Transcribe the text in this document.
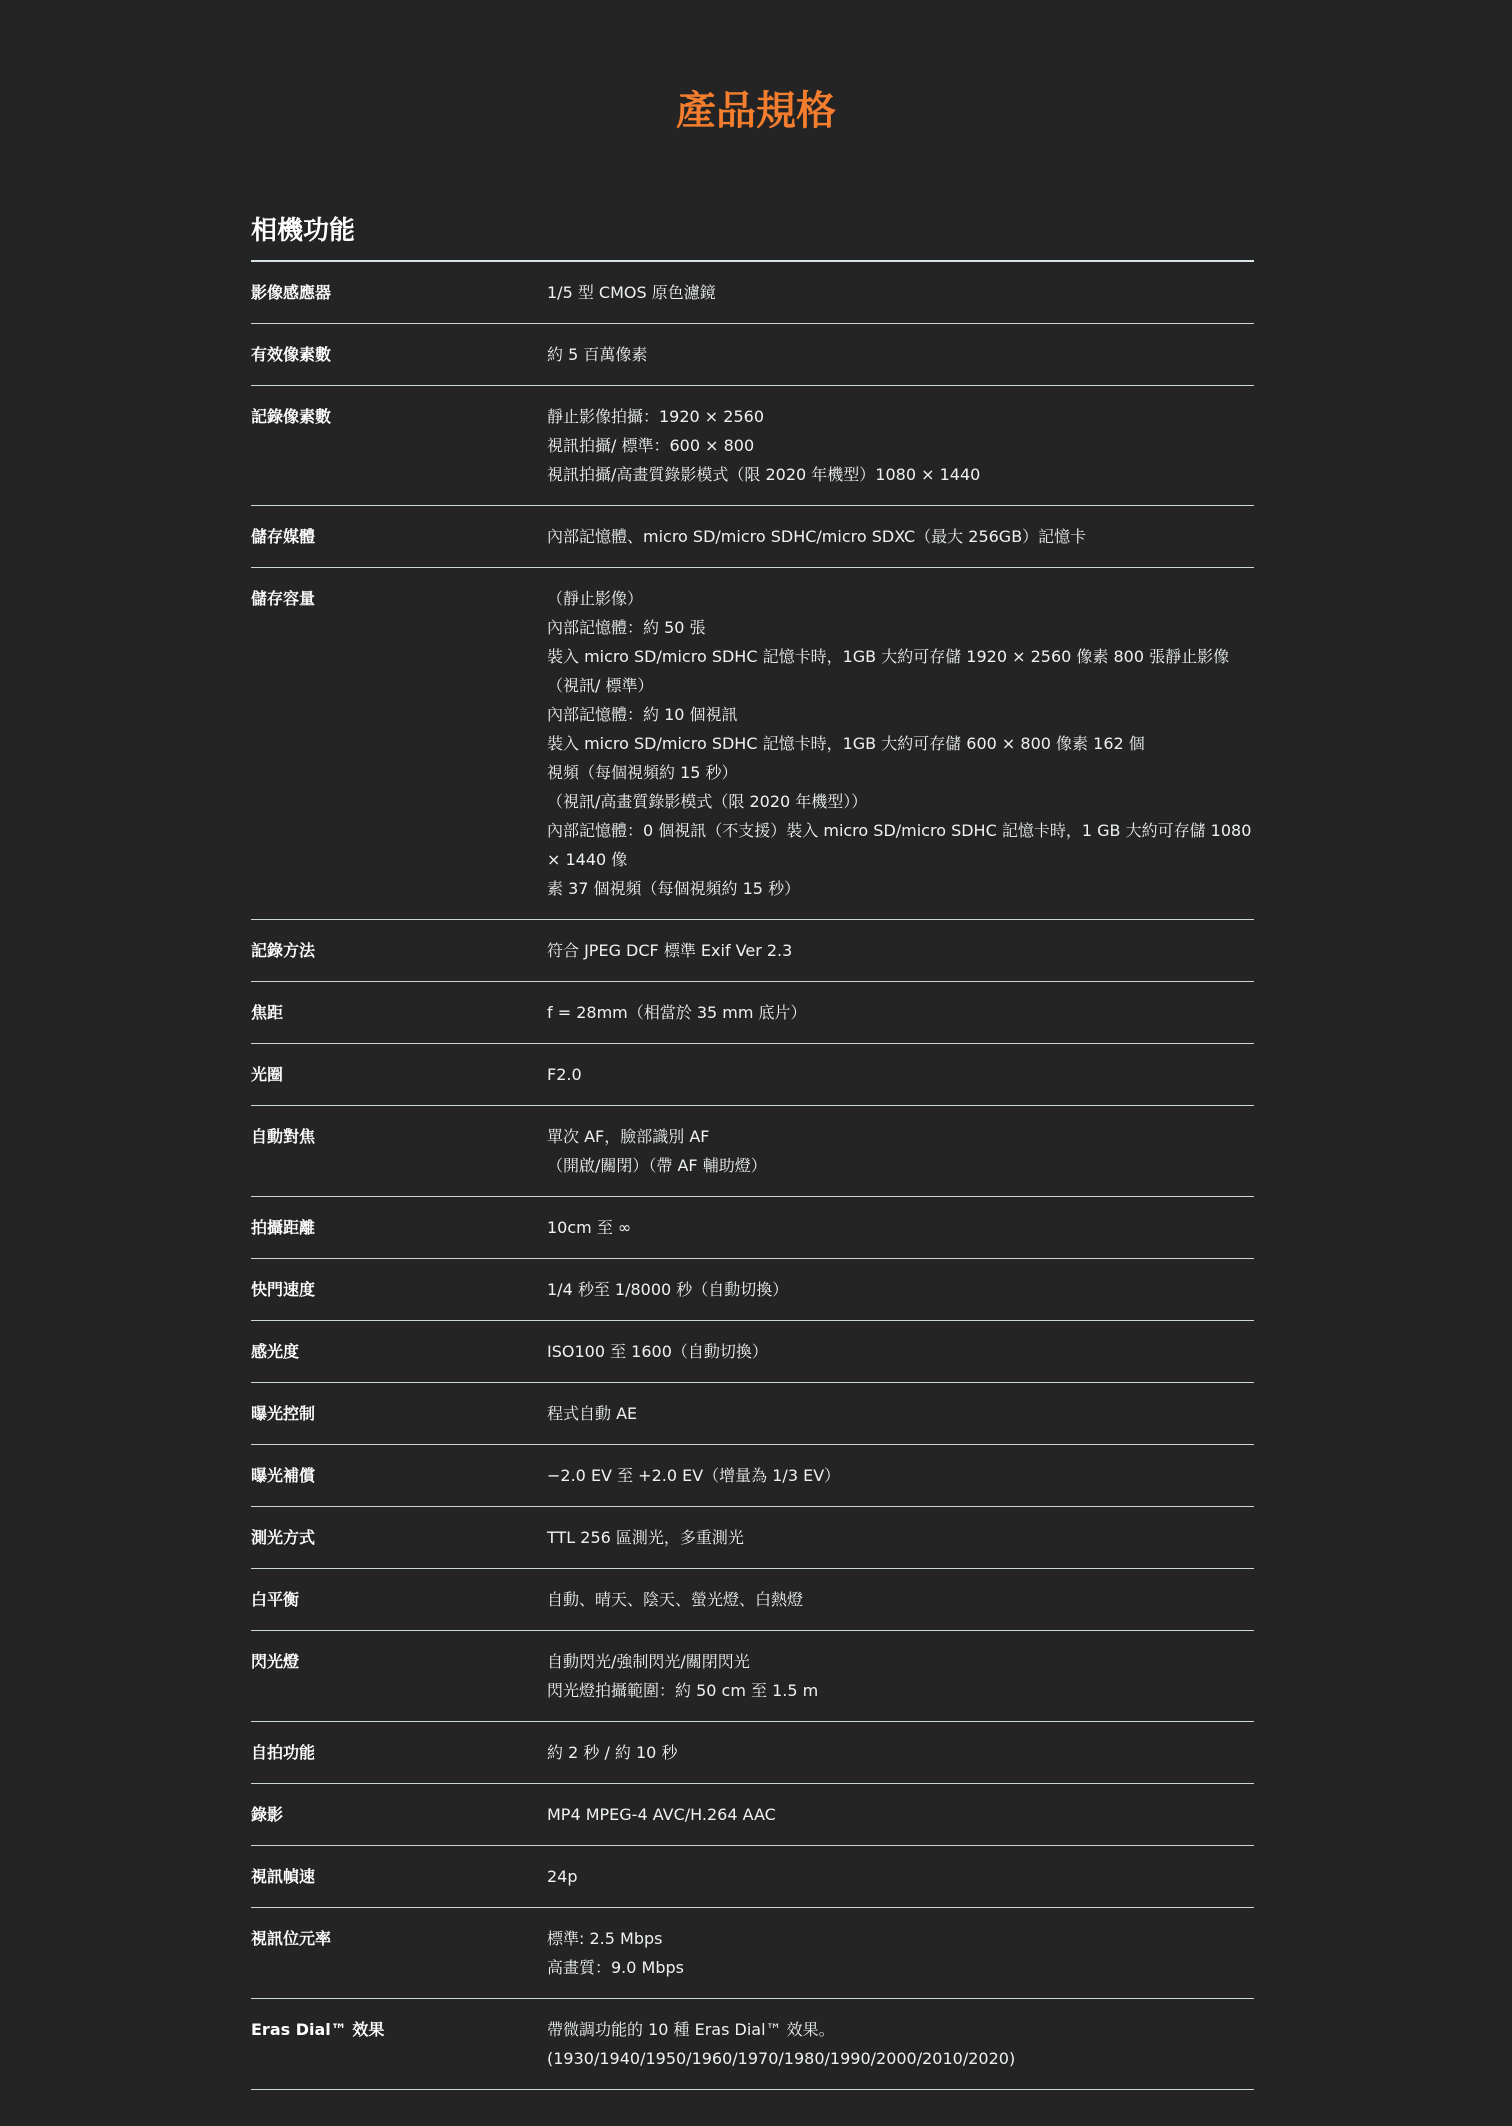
產品規格
相機功能
影像感應器	1/5 型 CMOS 原色濾鏡
有效像素數	約 5 百萬像素
記錄像素數	靜止影像拍攝：1920 × 2560
視訊拍攝/ 標準：600 × 800
視訊拍攝/高畫質錄影模式（限 2020 年機型）1080 × 1440
儲存媒體	內部記憶體、micro SD/micro SDHC/micro SDXC（最大 256GB）記憶卡
儲存容量	（靜止影像）
內部記憶體：約 50 張
裝入 micro SD/micro SDHC 記憶卡時，1GB 大約可存儲 1920 × 2560 像素 800 張靜止影像
（視訊/ 標準）
內部記憶體：約 10 個視訊
裝入 micro SD/micro SDHC 記憶卡時，1GB 大約可存儲 600 × 800 像素 162 個
視頻（每個視頻約 15 秒）
（視訊/高畫質錄影模式（限 2020 年機型））
內部記憶體：0 個視訊（不支援）裝入 micro SD/micro SDHC 記憶卡時，1 GB 大約可存儲 1080 × 1440 像
素 37 個視頻（每個視頻約 15 秒）
記錄方法	符合 JPEG DCF 標準 Exif Ver 2.3
焦距	f = 28mm（相當於 35 mm 底片）
光圈	F2.0
自動對焦	單次 AF，臉部識別 AF
（開啟/關閉）（帶 AF 輔助燈）
拍攝距離	10cm 至 ∞
快門速度	1/4 秒至 1/8000 秒（自動切換）
感光度	ISO100 至 1600（自動切換）
曝光控制	程式自動 AE
曝光補償	−2.0 EV 至 +2.0 EV（增量為 1/3 EV）
測光方式	TTL 256 區測光，多重測光
白平衡	自動、晴天、陰天、螢光燈、白熱燈
閃光燈	自動閃光/強制閃光/關閉閃光
閃光燈拍攝範圍：約 50 cm 至 1.5 m
自拍功能	約 2 秒 / 約 10 秒
錄影	MP4 MPEG-4 AVC/H.264 AAC
視訊幀速	24p
視訊位元率	標準: 2.5 Mbps
高畫質：9.0 Mbps
Eras Dial™ 效果	帶微調功能的 10 種 Eras Dial™ 效果。
(1930/1940/1950/1960/1970/1980/1990/2000/2010/2020)
